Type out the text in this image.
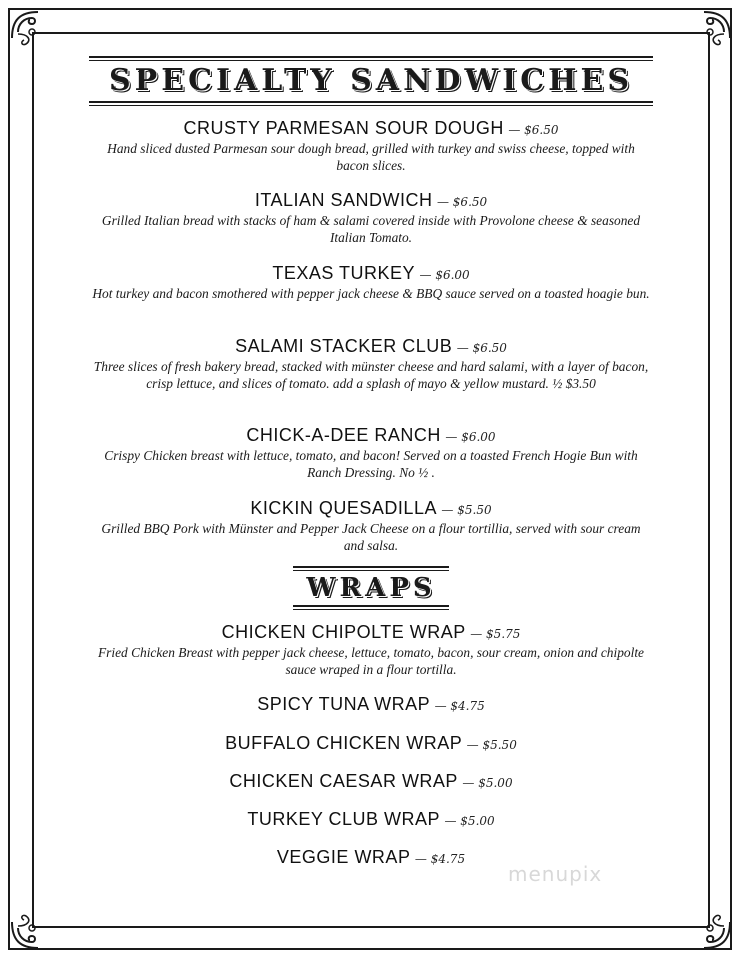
SPECIALTY SANDWICHES
CRUSTY PARMESAN SOUR DOUGH — $6.50
Hand sliced dusted Parmesan sour dough bread, grilled with turkey and swiss cheese, topped with bacon slices.
ITALIAN SANDWICH — $6.50
Grilled Italian bread with stacks of ham & salami covered inside with Provolone cheese & seasoned Italian Tomato.
TEXAS TURKEY — $6.00
Hot turkey and bacon smothered with pepper jack cheese & BBQ sauce served on a toasted hoagie bun.
SALAMI STACKER CLUB — $6.50
Three slices of fresh bakery bread, stacked with münster cheese and hard salami, with a layer of bacon, crisp lettuce, and slices of tomato. add a splash of mayo & yellow mustard. ½ $3.50
CHICK-A-DEE RANCH — $6.00
Crispy Chicken breast with lettuce, tomato, and bacon! Served on a toasted French Hogie Bun with Ranch Dressing. No ½ .
KICKIN QUESADILLA — $5.50
Grilled BBQ Pork with Münster and Pepper Jack Cheese on a flour tortillia, served with sour cream and salsa.
WRAPS
CHICKEN CHIPOLTE WRAP — $5.75
Fried Chicken Breast with pepper jack cheese, lettuce, tomato, bacon, sour cream, onion and chipolte sauce wraped in a flour tortilla.
SPICY TUNA WRAP — $4.75
BUFFALO CHICKEN WRAP — $5.50
CHICKEN CAESAR WRAP — $5.00
TURKEY CLUB WRAP — $5.00
VEGGIE WRAP — $4.75
menupix
